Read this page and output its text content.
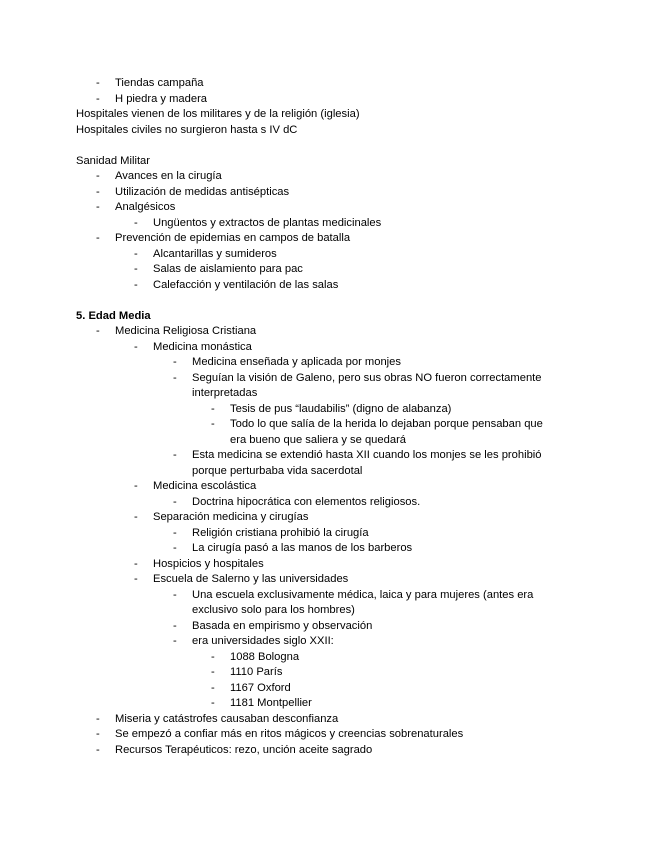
- Tiendas campaña
- H piedra y madera
Hospitales vienen de los militares y de la religión (iglesia)
Hospitales civiles no surgieron hasta s IV dC
Sanidad Militar
- Avances en la cirugía
- Utilización de medidas antisépticas
- Analgésicos
- Ungüentos y extractos de plantas medicinales
- Prevención de epidemias en campos de batalla
- Alcantarillas y sumideros
- Salas de aislamiento para pac
- Calefacción y ventilación de las salas
5. Edad Media
- Medicina Religiosa Cristiana
- Medicina monástica
- Medicina enseñada y aplicada por monjes
- Seguían la visión de Galeno, pero sus obras NO fueron correctamente
interpretadas
- Tesis de pus “laudabilis” (digno de alabanza)
- Todo lo que salía de la herida lo dejaban porque pensaban que
era bueno que saliera y se quedará
- Esta medicina se extendió hasta XII cuando los monjes se les prohibió
porque perturbaba vida sacerdotal
- Medicina escolástica
- Doctrina hipocrática con elementos religiosos.
- Separación medicina y cirugías
- Religión cristiana prohibió la cirugía
- La cirugía pasó a las manos de los barberos
- Hospicios y hospitales
- Escuela de Salerno y las universidades
- Una escuela exclusivamente médica, laica y para mujeres (antes era
exclusivo solo para los hombres)
- Basada en empirismo y observación
- era universidades siglo XXII:
- 1088 Bologna
- 1110 París
- 1167 Oxford
- 1181 Montpellier
- Miseria y catástrofes causaban desconfianza
- Se empezó a confiar más en ritos mágicos y creencias sobrenaturales
- Recursos Terapéuticos: rezo, unción aceite sagrado
